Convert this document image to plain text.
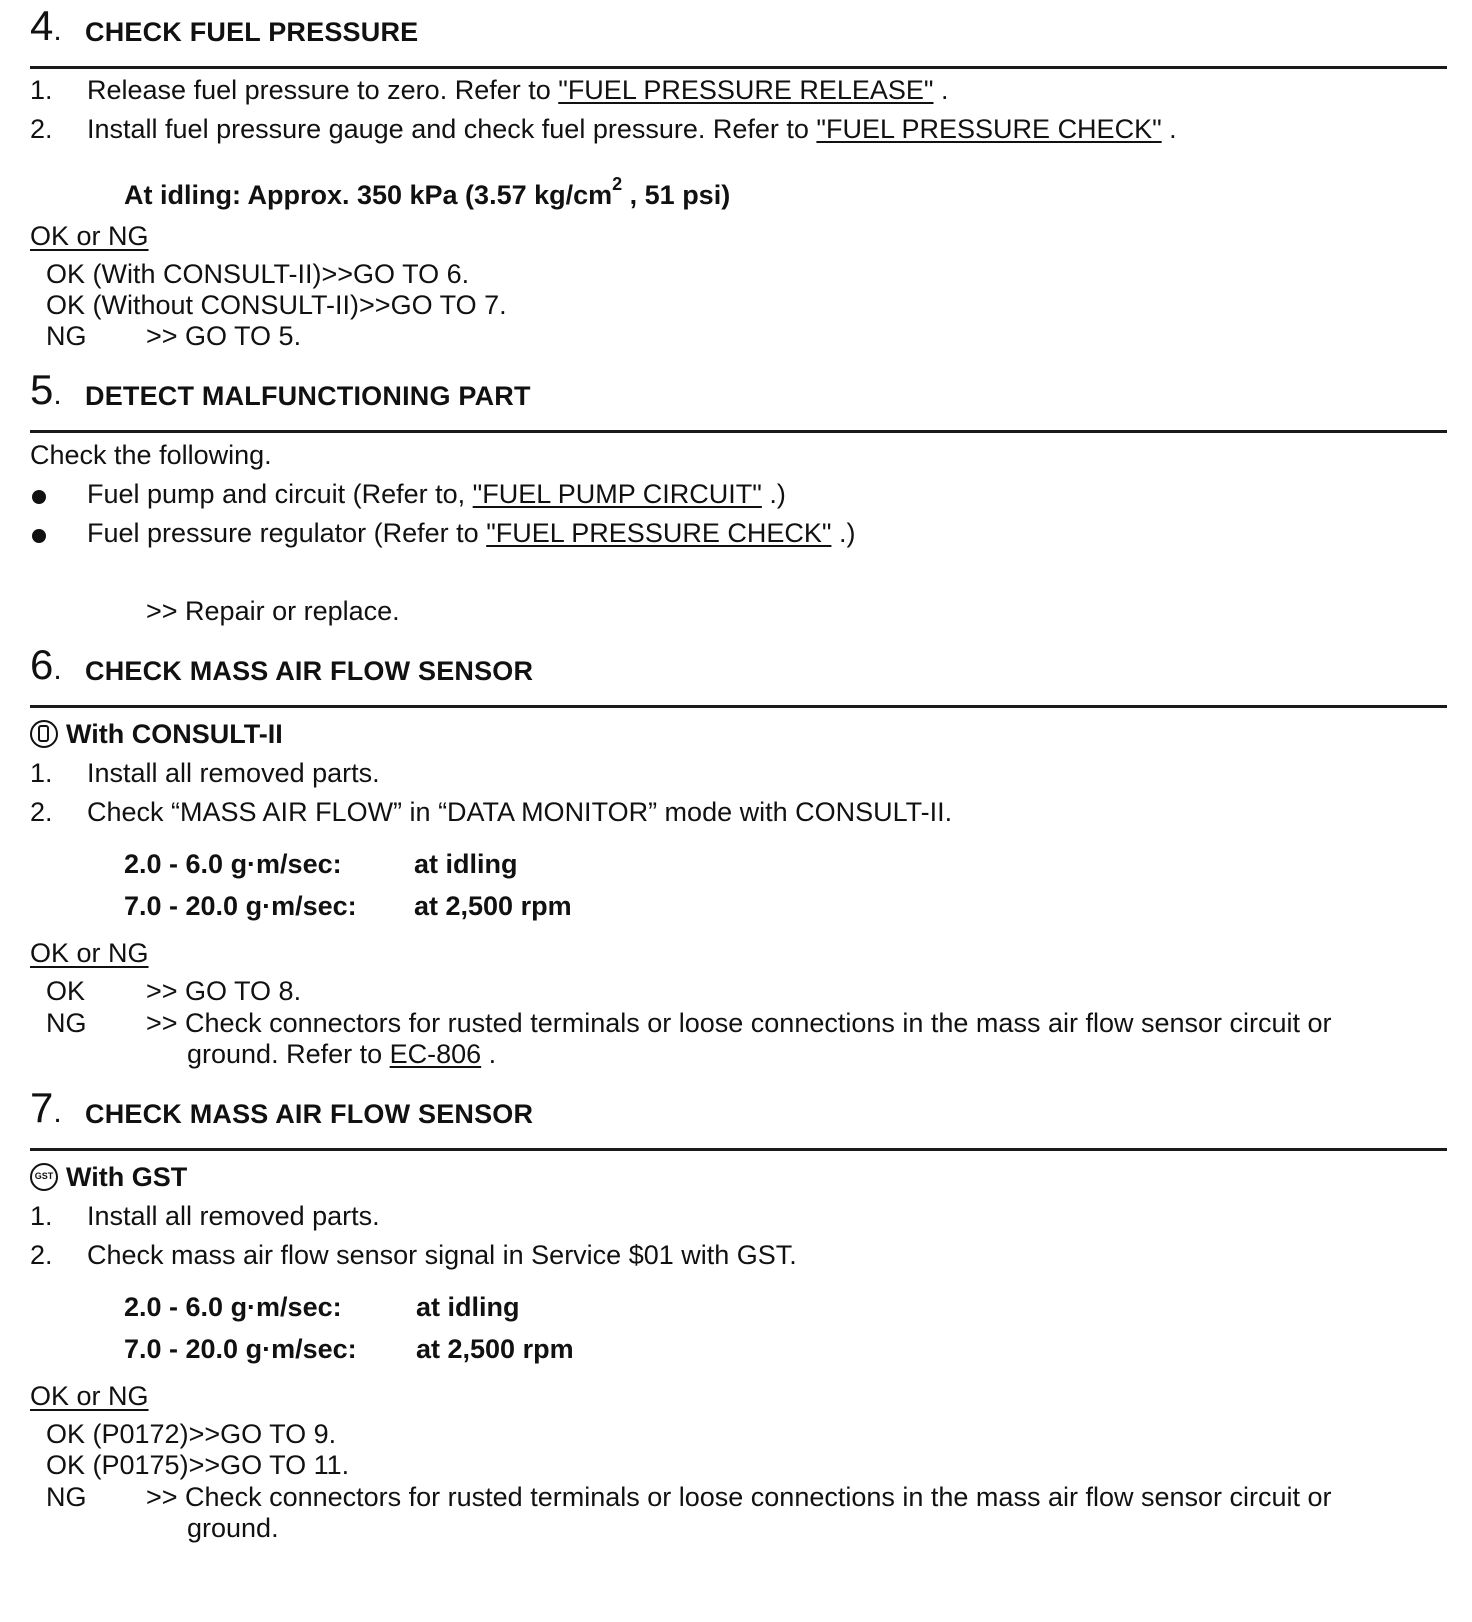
4. CHECK FUEL PRESSURE
1. Release fuel pressure to zero. Refer to "FUEL PRESSURE RELEASE" .
2. Install fuel pressure gauge and check fuel pressure. Refer to "FUEL PRESSURE CHECK" .
At idling: Approx. 350 kPa (3.57 $kg/cm^2$ , 51 psi)
OK or NG
OK (With CONSULT-II)>>GO TO 6.
OK (Without CONSULT-II)>>GO TO 7.
NG >> GO TO 5.
5. DETECT MALFUNCTIONING PART
Check the following.
Fuel pump and circuit (Refer to, "FUEL PUMP CIRCUIT" .)
Fuel pressure regulator (Refer to "FUEL PRESSURE CHECK" .)
>> Repair or replace.
6. CHECK MASS AIR FLOW SENSOR
With CONSULT-II
1. Install all removed parts.
2. Check “MASS AIR FLOW” in “DATA MONITOR” mode with CONSULT-II.
2.0 - 6.0 g·m/sec:	at idling
7.0 - 20.0 g·m/sec: at 2,500 rpm
OK or NG
OK >> GO TO 8.
NG >> Check connectors for rusted terminals or loose connections in the mass air flow sensor circuit or
ground. Refer to EC-806 .
7. CHECK MASS AIR FLOW SENSOR
GST With GST
1. Install all removed parts.
2. Check mass air flow sensor signal in Service $01 with GST.
2.0 - 6.0 g·m/sec:	at idling
7.0 - 20.0 g·m/sec: at 2,500 rpm
OK or NG
OK (P0172)>>GO TO 9.
OK (P0175)>>GO TO 11.
NG >> Check connectors for rusted terminals or loose connections in the mass air flow sensor circuit or
ground.
